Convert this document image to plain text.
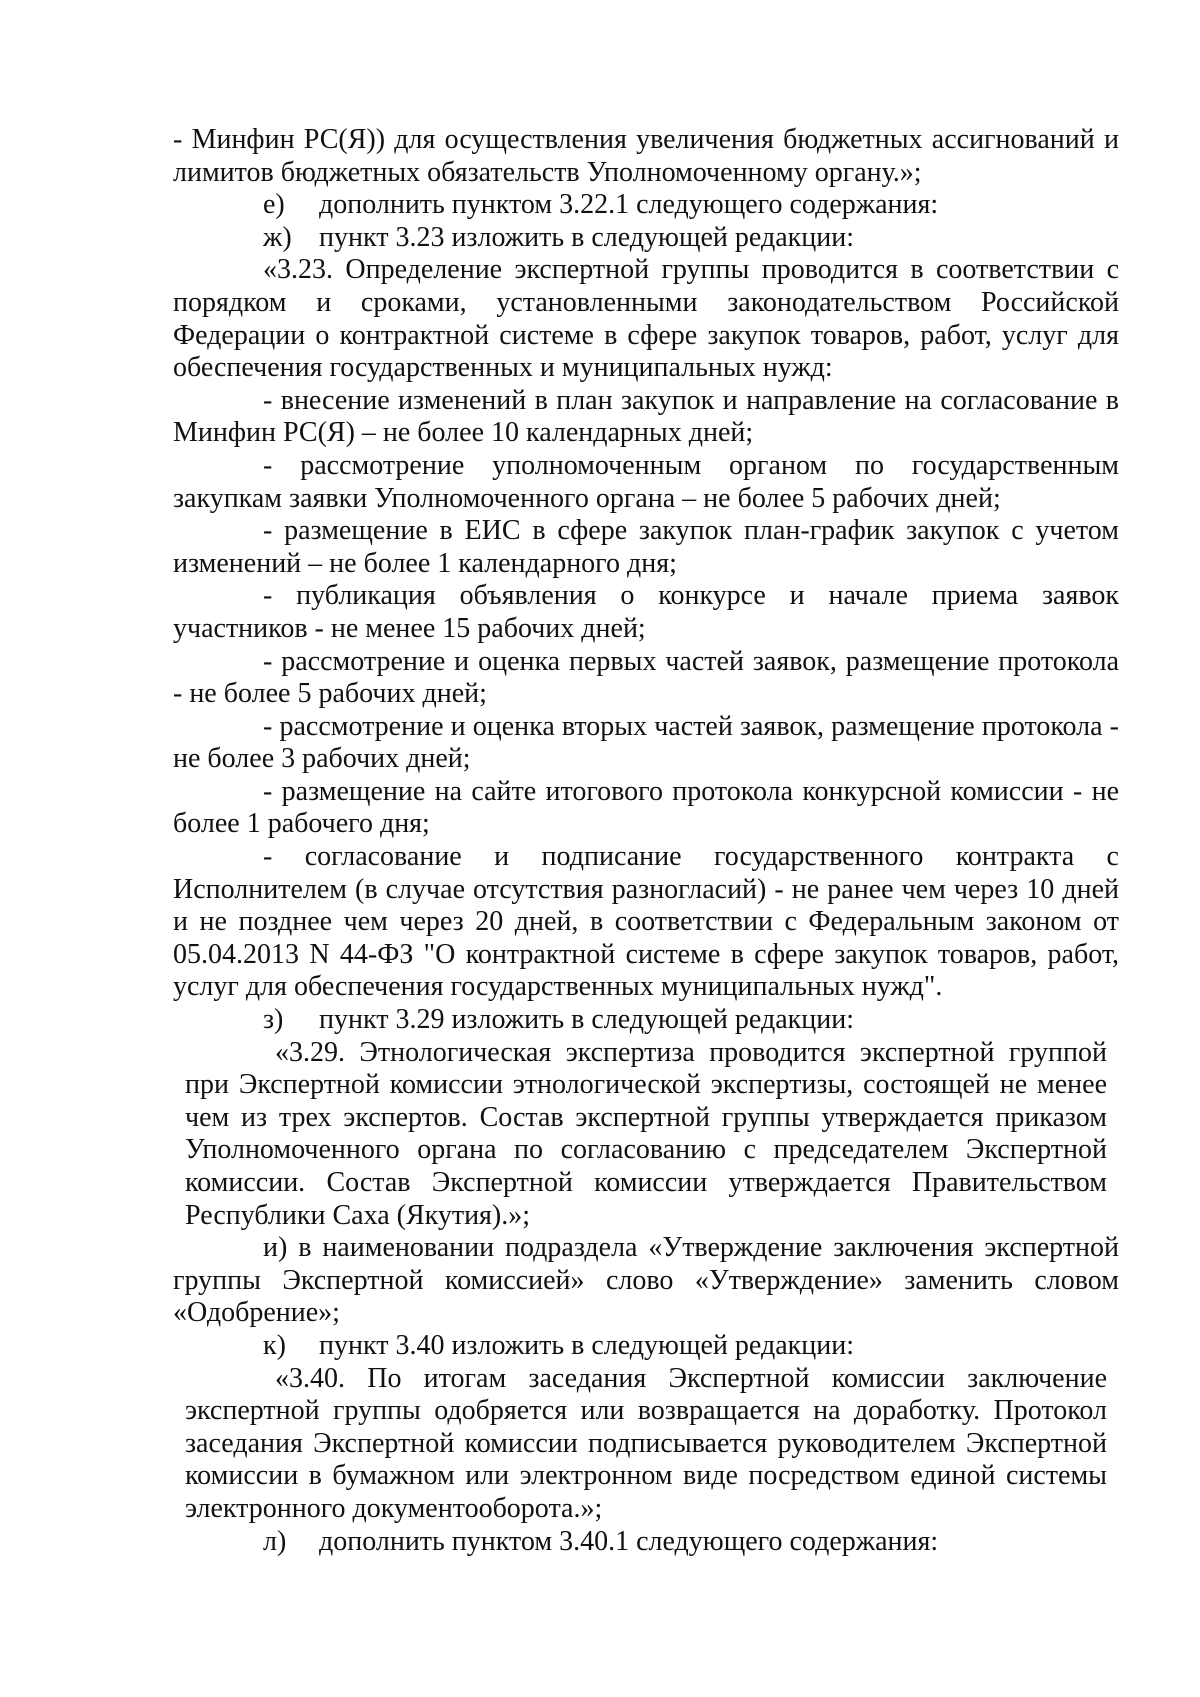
- Минфин РС(Я)) для осуществления увеличения бюджетных ассигнований и лимитов бюджетных обязательств Уполномоченному органу.»;

е) дополнить пунктом 3.22.1 следующего содержания:
ж) пункт 3.23 изложить в следующей редакции:

«3.23. Определение экспертной группы проводится в соответствии с порядком и сроками, установленными законодательством Российской Федерации о контрактной системе в сфере закупок товаров, работ, услуг для обеспечения государственных и муниципальных нужд:

- внесение изменений в план закупок и направление на согласование в Минфин РС(Я) – не более 10 календарных дней;

- рассмотрение уполномоченным органом по государственным закупкам заявки Уполномоченного органа – не более 5 рабочих дней;

- размещение в ЕИС в сфере закупок план-график закупок с учетом изменений – не более 1 календарного дня;

- публикация объявления о конкурсе и начале приема заявок участников - не менее 15 рабочих дней;

- рассмотрение и оценка первых частей заявок, размещение протокола - не более 5 рабочих дней;

- рассмотрение и оценка вторых частей заявок, размещение протокола - не более 3 рабочих дней;

- размещение на сайте итогового протокола конкурсной комиссии - не более 1 рабочего дня;

- согласование и подписание государственного контракта с Исполнителем (в случае отсутствия разногласий) - не ранее чем через 10 дней и не позднее чем через 20 дней, в соответствии с Федеральным законом от 05.04.2013 N 44-ФЗ "О контрактной системе в сфере закупок товаров, работ, услуг для обеспечения государственных муниципальных нужд".

з) пункт 3.29 изложить в следующей редакции:

«3.29. Этнологическая экспертиза проводится экспертной группой при Экспертной комиссии этнологической экспертизы, состоящей не менее чем из трех экспертов. Состав экспертной группы утверждается приказом Уполномоченного органа по согласованию с председателем Экспертной комиссии. Состав Экспертной комиссии утверждается Правительством Республики Саха (Якутия).»;

и) в наименовании подраздела «Утверждение заключения экспертной группы Экспертной комиссией» слово «Утверждение» заменить словом «Одобрение»;

к) пункт 3.40 изложить в следующей редакции:

«3.40. По итогам заседания Экспертной комиссии заключение экспертной группы одобряется или возвращается на доработку. Протокол заседания Экспертной комиссии подписывается руководителем Экспертной комиссии в бумажном или электронном виде посредством единой системы электронного документооборота.»;

л) дополнить пунктом 3.40.1 следующего содержания:
